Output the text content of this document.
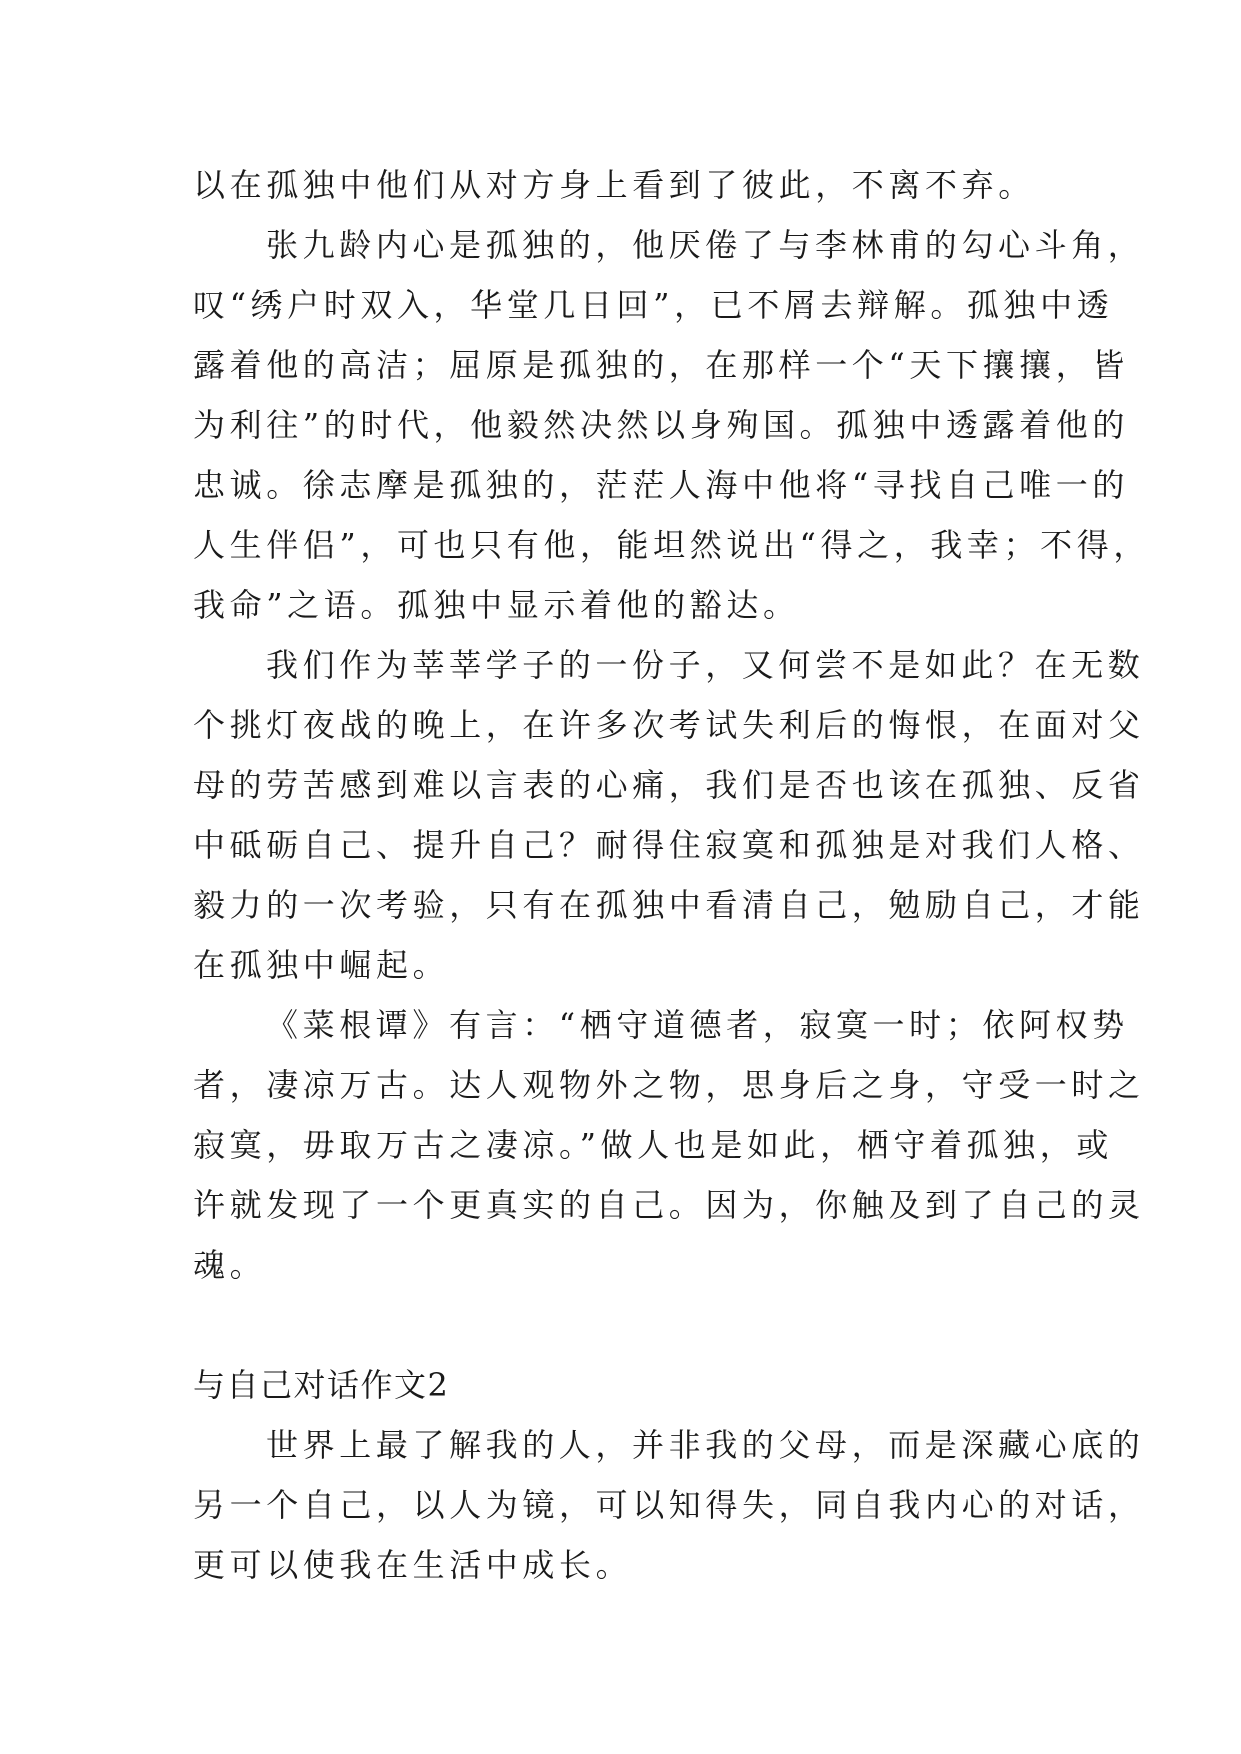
以在孤独中他们从对方身上看到了彼此，不离不弃。

张九龄内心是孤独的，他厌倦了与李林甫的勾心斗角，

叹“绣户时双入，华堂几日回”，已不屑去辩解。孤独中透

露着他的高洁；屈原是孤独的，在那样一个“天下攘攘，皆

为利往”的时代，他毅然决然以身殉国。孤独中透露着他的

忠诚。徐志摩是孤独的，茫茫人海中他将“寻找自己唯一的

人生伴侣”，可也只有他，能坦然说出“得之，我幸；不得，

我命”之语。孤独中显示着他的豁达。

我们作为莘莘学子的一份子，又何尝不是如此？在无数

个挑灯夜战的晚上，在许多次考试失利后的悔恨，在面对父

母的劳苦感到难以言表的心痛，我们是否也该在孤独、反省

中砥砺自己、提升自己？耐得住寂寞和孤独是对我们人格、

毅力的一次考验，只有在孤独中看清自己，勉励自己，才能

在孤独中崛起。

《菜根谭》有言：“栖守道德者，寂寞一时；依阿权势

者，凄凉万古。达人观物外之物，思身后之身，守受一时之

寂寞，毋取万古之凄凉。”做人也是如此，栖守着孤独，或

许就发现了一个更真实的自己。因为，你触及到了自己的灵

魂。

与自己对话作文2

世界上最了解我的人，并非我的父母，而是深藏心底的

另一个自己，以人为镜，可以知得失，同自我内心的对话，

更可以使我在生活中成长。
